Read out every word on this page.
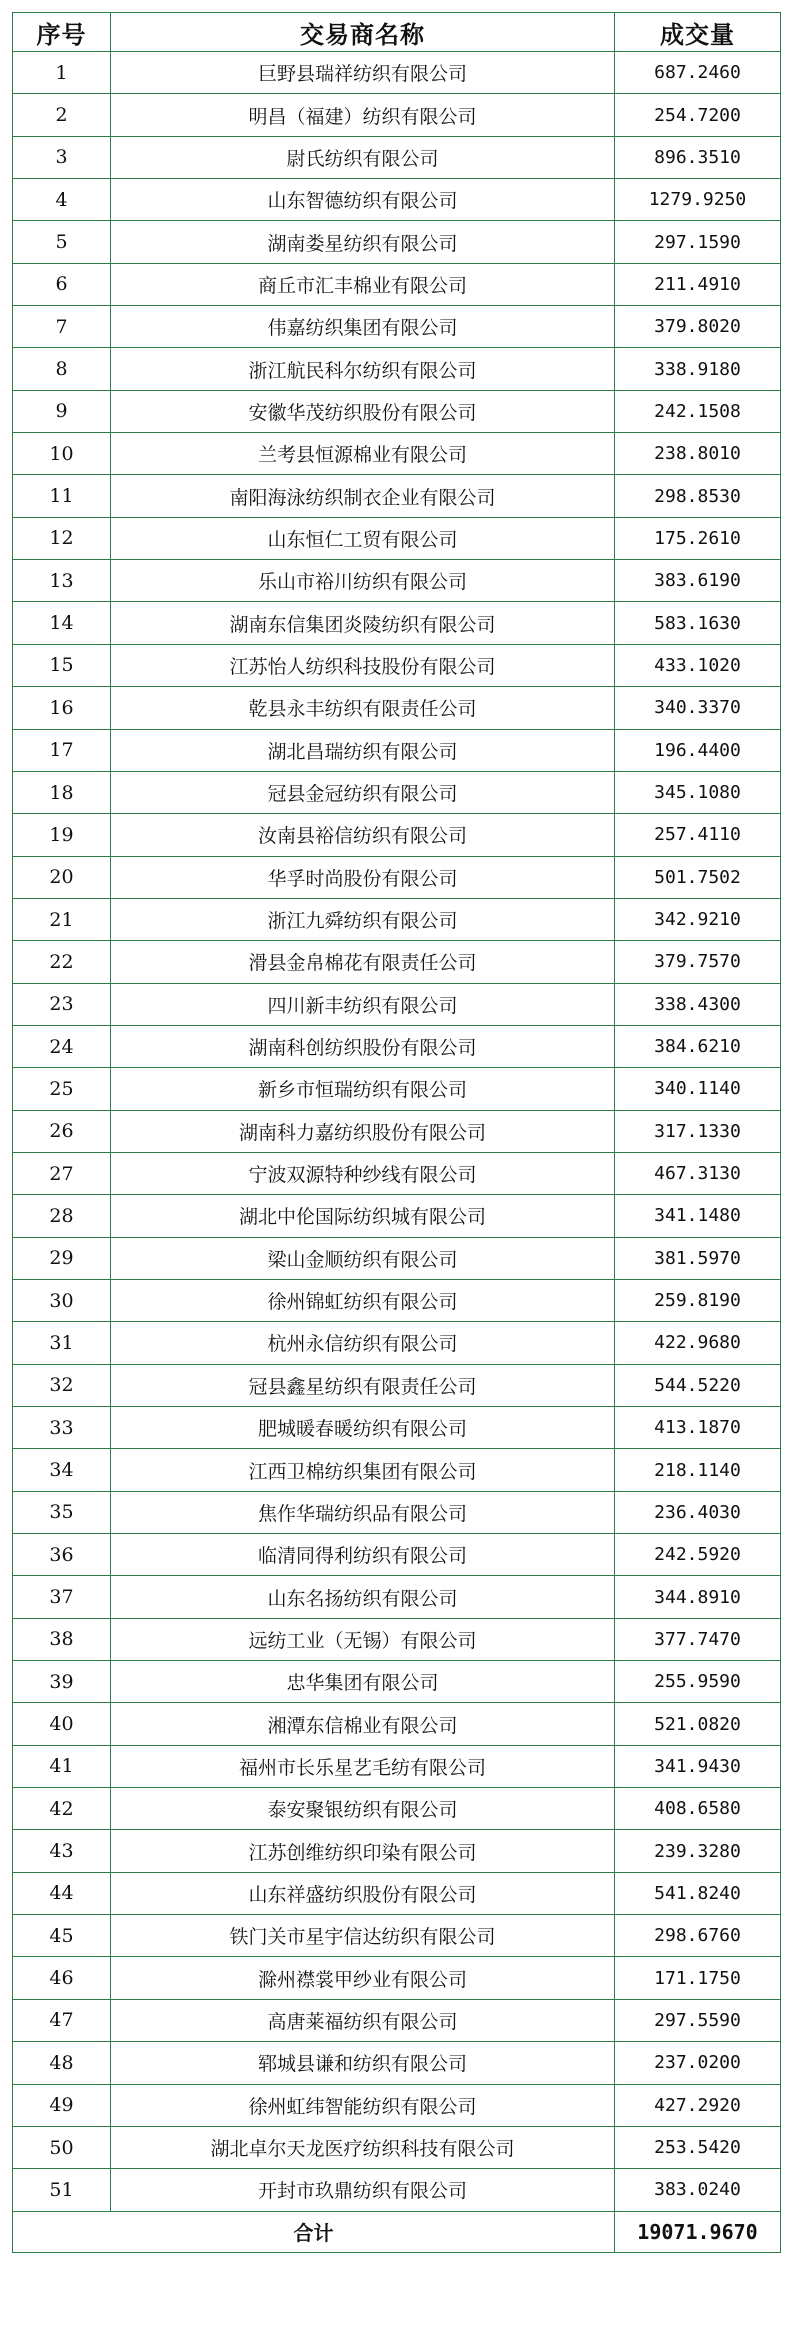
序号	交易商名称	成交量
1	巨野县瑞祥纺织有限公司	687.2460
2	明昌（福建）纺织有限公司	254.7200
3	尉氏纺织有限公司	896.3510
4	山东智德纺织有限公司	1279.9250
5	湖南娄星纺织有限公司	297.1590
6	商丘市汇丰棉业有限公司	211.4910
7	伟嘉纺织集团有限公司	379.8020
8	浙江航民科尔纺织有限公司	338.9180
9	安徽华茂纺织股份有限公司	242.1508
10	兰考县恒源棉业有限公司	238.8010
11	南阳海泳纺织制衣企业有限公司	298.8530
12	山东恒仁工贸有限公司	175.2610
13	乐山市裕川纺织有限公司	383.6190
14	湖南东信集团炎陵纺织有限公司	583.1630
15	江苏怡人纺织科技股份有限公司	433.1020
16	乾县永丰纺织有限责任公司	340.3370
17	湖北昌瑞纺织有限公司	196.4400
18	冠县金冠纺织有限公司	345.1080
19	汝南县裕信纺织有限公司	257.4110
20	华孚时尚股份有限公司	501.7502
21	浙江九舜纺织有限公司	342.9210
22	滑县金帛棉花有限责任公司	379.7570
23	四川新丰纺织有限公司	338.4300
24	湖南科创纺织股份有限公司	384.6210
25	新乡市恒瑞纺织有限公司	340.1140
26	湖南科力嘉纺织股份有限公司	317.1330
27	宁波双源特种纱线有限公司	467.3130
28	湖北中伦国际纺织城有限公司	341.1480
29	梁山金顺纺织有限公司	381.5970
30	徐州锦虹纺织有限公司	259.8190
31	杭州永信纺织有限公司	422.9680
32	冠县鑫星纺织有限责任公司	544.5220
33	肥城暖春暖纺织有限公司	413.1870
34	江西卫棉纺织集团有限公司	218.1140
35	焦作华瑞纺织品有限公司	236.4030
36	临清同得利纺织有限公司	242.5920
37	山东名扬纺织有限公司	344.8910
38	远纺工业（无锡）有限公司	377.7470
39	忠华集团有限公司	255.9590
40	湘潭东信棉业有限公司	521.0820
41	福州市长乐星艺毛纺有限公司	341.9430
42	泰安聚银纺织有限公司	408.6580
43	江苏创维纺织印染有限公司	239.3280
44	山东祥盛纺织股份有限公司	541.8240
45	铁门关市星宇信达纺织有限公司	298.6760
46	滁州襟裳甲纱业有限公司	171.1750
47	高唐莱福纺织有限公司	297.5590
48	郓城县谦和纺织有限公司	237.0200
49	徐州虹纬智能纺织有限公司	427.2920
50	湖北卓尔天龙医疗纺织科技有限公司	253.5420
51	开封市玖鼎纺织有限公司	383.0240
合计		19071.9670
